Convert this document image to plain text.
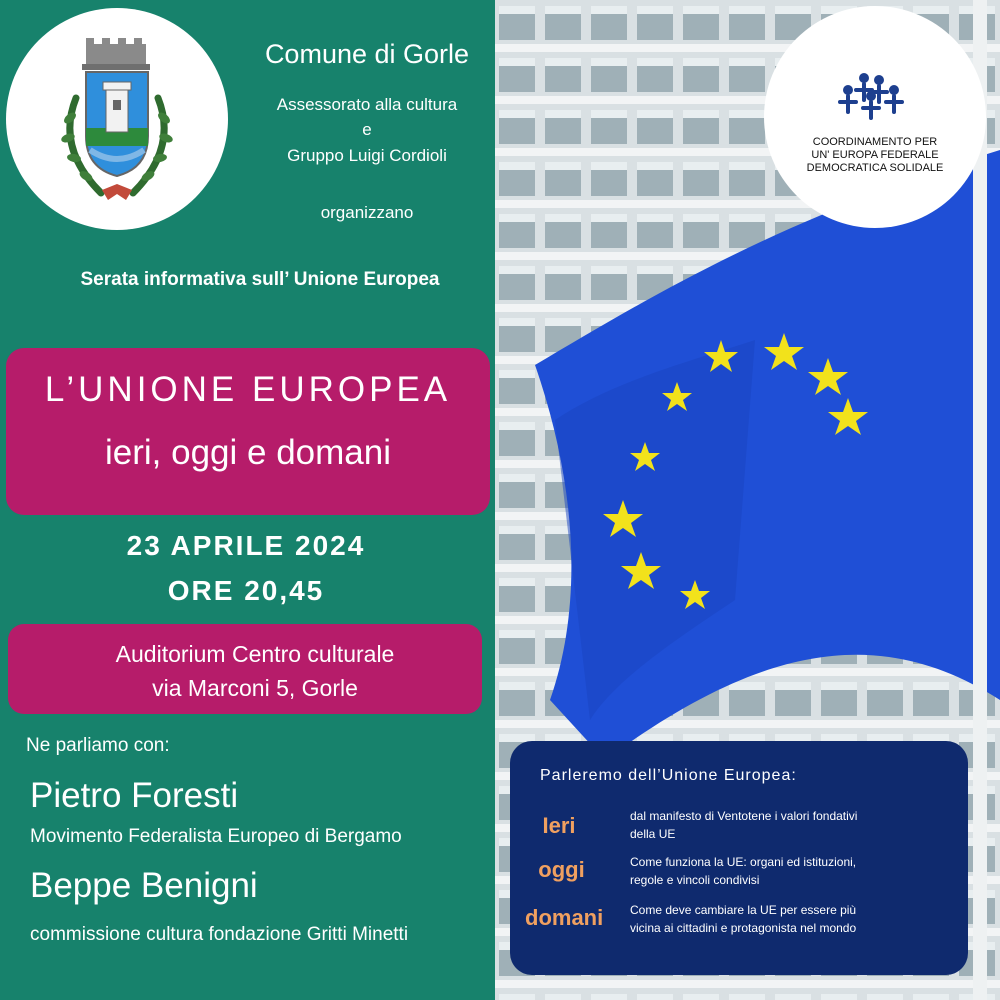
Comune di Gorle
Assessorato alla cultura
e
Gruppo Luigi Cordioli
organizzano
Serata informativa sull’ Unione Europea
L’UNIONE EUROPEA
ieri, oggi e domani
23 APRILE 2024
ORE 20,45
Auditorium Centro culturale
via Marconi 5, Gorle
Ne parliamo con:
Pietro Foresti
Movimento Federalista Europeo di Bergamo
Beppe Benigni
commissione cultura fondazione Gritti Minetti
COORDINAMENTO PER
UN' EUROPA FEDERALE
DEMOCRATICA SOLIDALE
Parleremo dell’Unione Europea:
Ieri	dal manifesto di Ventotene i valori fondativi
della UE
oggi	Come funziona la UE: organi ed istituzioni,
regole e vincoli condivisi
domani Come deve cambiare la UE per essere più
vicina ai cittadini e protagonista nel mondo
